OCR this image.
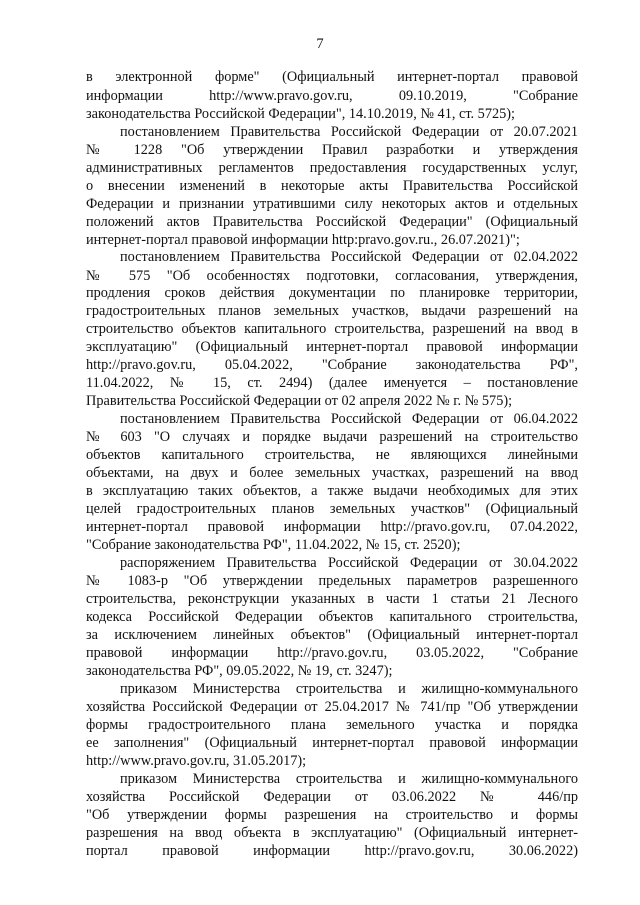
7
в электронной форме" (Официальный интернет-портал правовой
информации http://www.pravo.gov.ru, 09.10.2019, "Собрание
законодательства Российской Федерации", 14.10.2019, № 41, ст. 5725);
постановлением Правительства Российской Федерации от 20.07.2021
№ 1228 "Об утверждении Правил разработки и утверждения
административных регламентов предоставления государственных услуг,
о внесении изменений в некоторые акты Правительства Российской
Федерации и признании утратившими силу некоторых актов и отдельных
положений актов Правительства Российской Федерации" (Официальный
интернет-портал правовой информации http:pravo.gov.ru., 26.07.2021)";
постановлением Правительства Российской Федерации от 02.04.2022
№ 575 "Об особенностях подготовки, согласования, утверждения,
продления сроков действия документации по планировке территории,
градостроительных планов земельных участков, выдачи разрешений на
строительство объектов капитального строительства, разрешений на ввод в
эксплуатацию" (Официальный интернет-портал правовой информации
http://pravo.gov.ru, 05.04.2022, "Собрание законодательства РФ",
11.04.2022, № 15, ст. 2494) (далее именуется – постановление
Правительства Российской Федерации от 02 апреля 2022 № г. № 575);
постановлением Правительства Российской Федерации от 06.04.2022
№ 603 "О случаях и порядке выдачи разрешений на строительство
объектов капитального строительства, не являющихся линейными
объектами, на двух и более земельных участках, разрешений на ввод
в эксплуатацию таких объектов, а также выдачи необходимых для этих
целей градостроительных планов земельных участков" (Официальный
интернет-портал правовой информации http://pravo.gov.ru, 07.04.2022,
"Собрание законодательства РФ", 11.04.2022, № 15, ст. 2520);
распоряжением Правительства Российской Федерации от 30.04.2022
№ 1083-р "Об утверждении предельных параметров разрешенного
строительства, реконструкции указанных в части 1 статьи 21 Лесного
кодекса Российской Федерации объектов капитального строительства,
за исключением линейных объектов" (Официальный интернет-портал
правовой информации http://pravo.gov.ru, 03.05.2022, "Собрание
законодательства РФ", 09.05.2022, № 19, ст. 3247);
приказом Министерства строительства и жилищно-коммунального
хозяйства Российской Федерации от 25.04.2017 № 741/пр "Об утверждении
формы градостроительного плана земельного участка и порядка
ее заполнения" (Официальный интернет-портал правовой информации
http://www.pravo.gov.ru, 31.05.2017);
приказом Министерства строительства и жилищно-коммунального
хозяйства Российской Федерации от 03.06.2022 № 446/пр
"Об утверждении формы разрешения на строительство и формы
разрешения на ввод объекта в эксплуатацию" (Официальный интернет-
портал правовой информации http://pravo.gov.ru, 30.06.2022)
